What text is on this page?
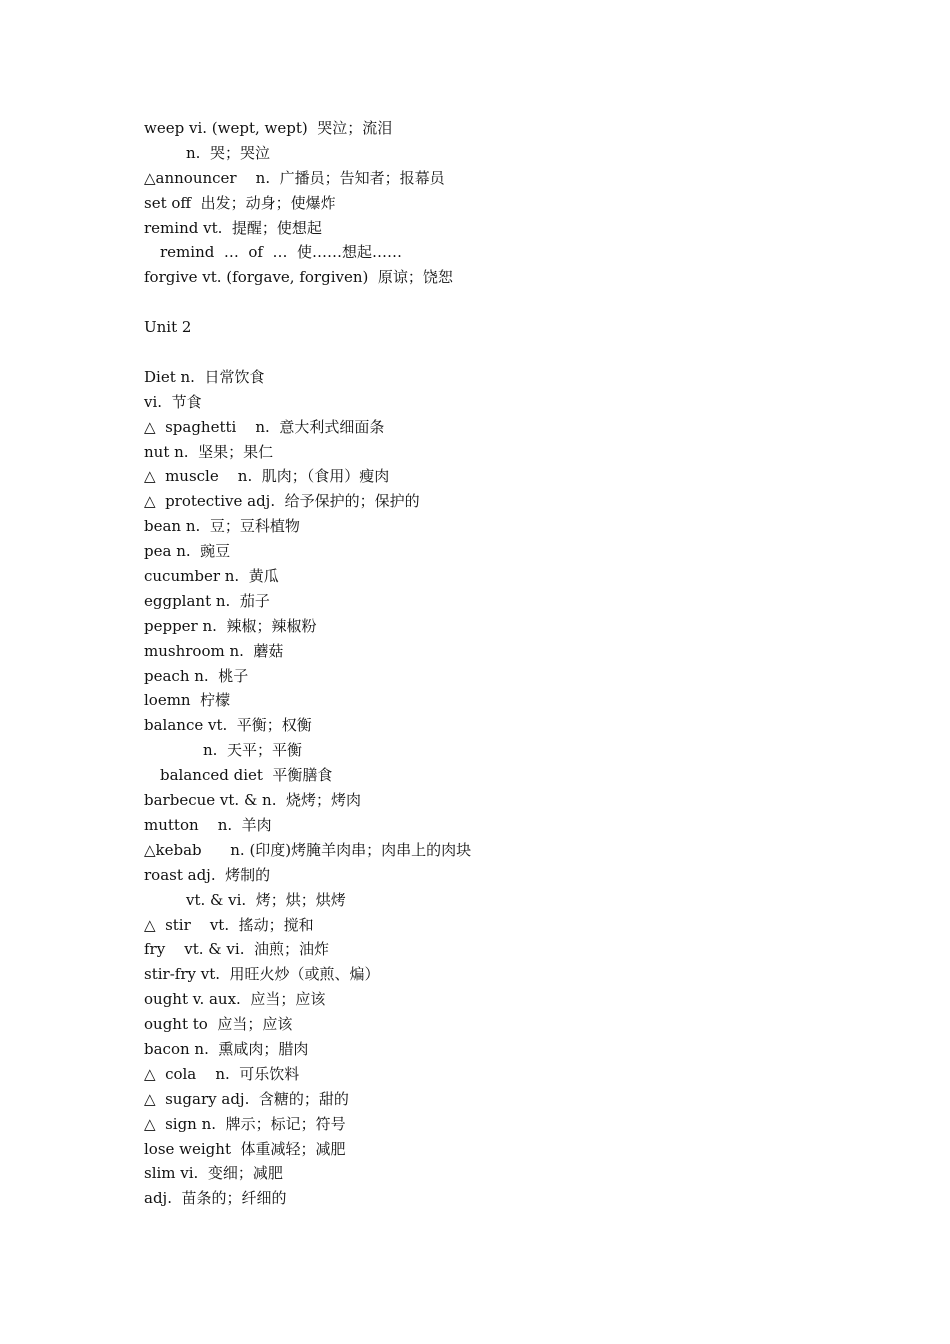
weep vi. (wept, wept)  哭泣；流泪
n.  哭；哭泣
△announcer    n.  广播员；告知者；报幕员
set off  出发；动身；使爆炸
remind vt.  提醒；使想起
remind  …  of  …  使……想起……
forgive vt. (forgave, forgiven)  原谅；饶恕
Unit 2
Diet n.  日常饮食
vi.  节食
△  spaghetti    n.  意大利式细面条
nut n.  坚果；果仁
△  muscle    n.  肌肉；（食用）瘦肉
△  protective adj.  给予保护的；保护的
bean n.  豆；豆科植物
pea n.  豌豆
cucumber n.  黄瓜
eggplant n.  茄子
pepper n.  辣椒；辣椒粉
mushroom n.  蘑菇
peach n.  桃子
loemn  柠檬
balance vt.  平衡；权衡
n.  天平；平衡
balanced diet  平衡膳食
barbecue vt. & n.  烧烤；烤肉
mutton    n.  羊肉
△kebab      n. (印度)烤腌羊肉串；肉串上的肉块
roast adj.  烤制的
vt. & vi.  烤；烘；烘烤
△  stir    vt.  搖动；搅和
fry    vt. & vi.  油煎；油炸
stir-fry vt.  用旺火炒（或煎、煸）
ought v. aux.  应当；应该
ought to  应当；应该
bacon n.  熏咸肉；腊肉
△  cola    n.  可乐饮料
△  sugary adj.  含糖的；甜的
△  sign n.  牌示；标记；符号
lose weight  体重减轻；减肥
slim vi.  变细；减肥
adj.  苗条的；纤细的
